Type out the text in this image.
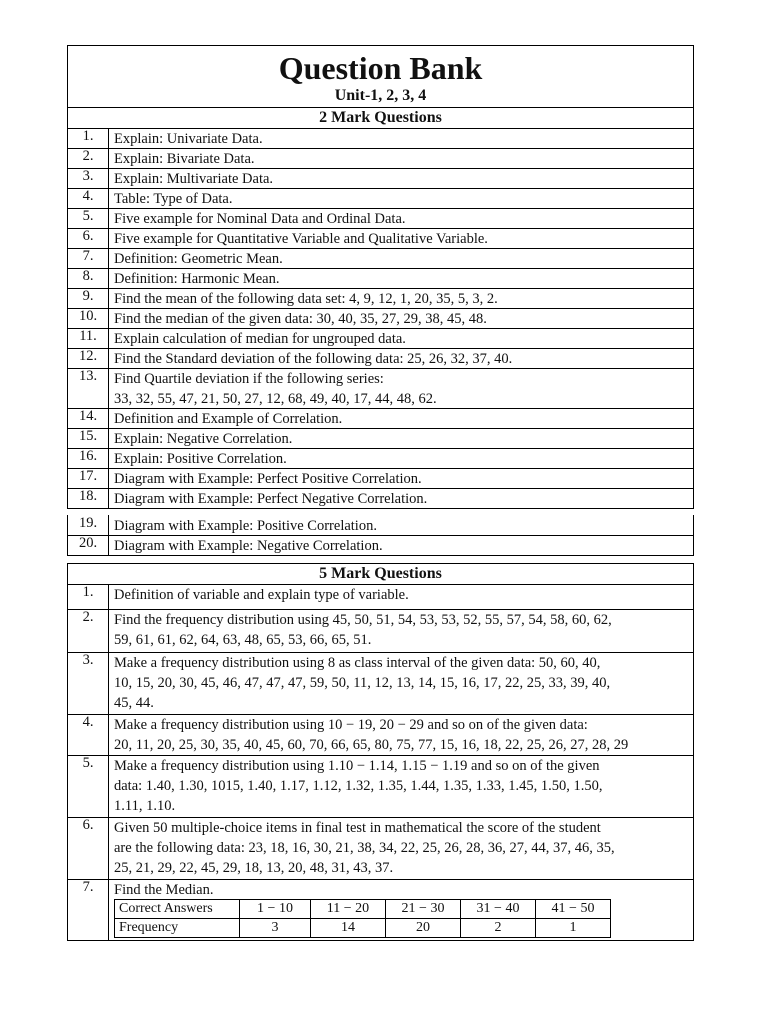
Question Bank
Unit-1, 2, 3, 4
2 Mark Questions
1.	Explain: Univariate Data.
2.	Explain: Bivariate Data.
3.	Explain: Multivariate Data.
4.	Table: Type of Data.
5.	Five example for Nominal Data and Ordinal Data.
6.	Five example for Quantitative Variable and Qualitative Variable.
7.	Definition: Geometric Mean.
8.	Definition: Harmonic Mean.
9.	Find the mean of the following data set: 4, 9, 12, 1, 20, 35, 5, 3, 2.
10.	Find the median of the given data: 30, 40, 35, 27, 29, 38, 45, 48.
11.	Explain calculation of median for ungrouped data.
12.	Find the Standard deviation of the following data: 25, 26, 32, 37, 40.
13.	Find Quartile deviation if the following series:
33, 32, 55, 47, 21, 50, 27, 12, 68, 49, 40, 17, 44, 48, 62.
14.	Definition and Example of Correlation.
15.	Explain: Negative Correlation.
16.	Explain: Positive Correlation.
17.	Diagram with Example: Perfect Positive Correlation.
18.	Diagram with Example: Perfect Negative Correlation.
19.	Diagram with Example: Positive Correlation.
20.	Diagram with Example: Negative Correlation.
5 Mark Questions
1.	Definition of variable and explain type of variable.
2.	Find the frequency distribution using 45, 50, 51, 54, 53, 53, 52, 55, 57, 54, 58, 60, 62,
59, 61, 61, 62, 64, 63, 48, 65, 53, 66, 65, 51.
3.	Make a frequency distribution using 8 as class interval of the given data: 50, 60, 40,
10, 15, 20, 30, 45, 46, 47, 47, 47, 59, 50, 11, 12, 13, 14, 15, 16, 17, 22, 25, 33, 39, 40,
45, 44.
4.	Make a frequency distribution using 10 − 19, 20 − 29 and so on of the given data:
20, 11, 20, 25, 30, 35, 40, 45, 60, 70, 66, 65, 80, 75, 77, 15, 16, 18, 22, 25, 26, 27, 28, 29
5.	Make a frequency distribution using 1.10 − 1.14, 1.15 − 1.19 and so on of the given
data: 1.40, 1.30, 1015, 1.40, 1.17, 1.12, 1.32, 1.35, 1.44, 1.35, 1.33, 1.45, 1.50, 1.50,
1.11, 1.10.
6.	Given 50 multiple-choice items in final test in mathematical the score of the student
are the following data: 23, 18, 16, 30, 21, 38, 34, 22, 25, 26, 28, 36, 27, 44, 37, 46, 35,
25, 21, 29, 22, 45, 29, 18, 13, 20, 48, 31, 43, 37.
7.	Find the Median.
Correct Answers	1 − 10	11 − 20	21 − 30	31 − 40	41 − 50
Frequency	3	14	20	2	1
